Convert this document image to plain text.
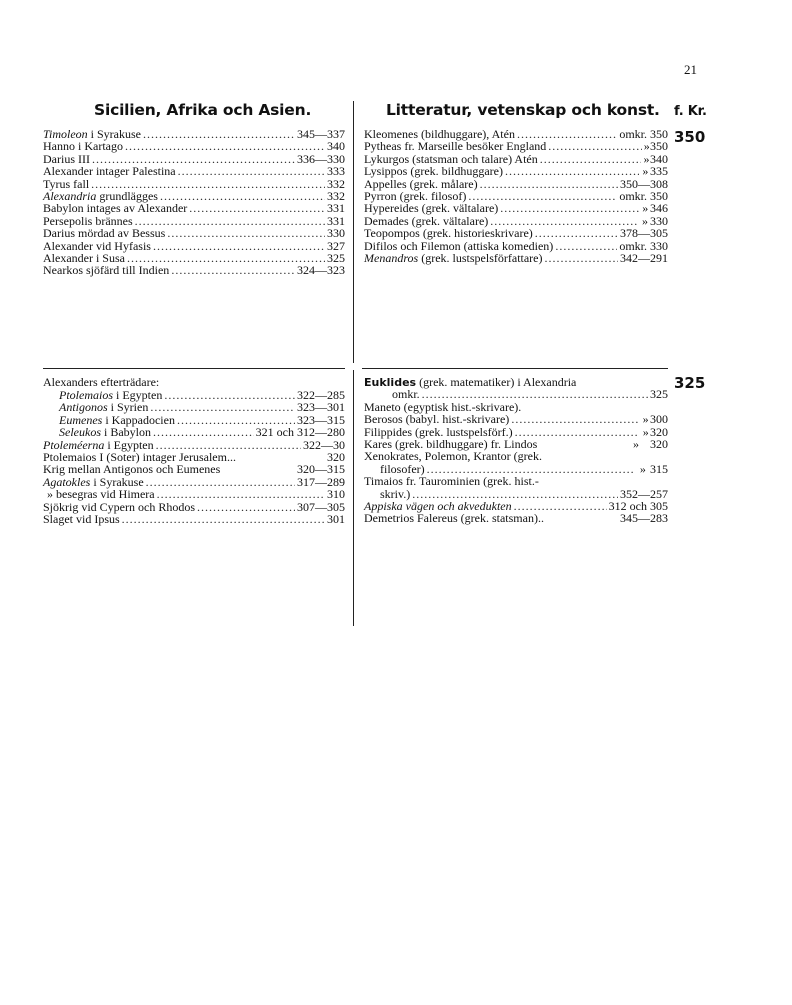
21
Sicilien, Afrika och Asien.	Litteratur, vetenskap och konst. f. Kr.
350
325
Timoleon i Syrakuse .....	345—337
Hanno i Kartago .....	340
Darius III .....	336—330
Alexander intager Palestina .....	333
Tyrus fall .....	332
Alexandria grundlägges .....	332
Babylon intages av Alexander .....	331
Persepolis brännes .....	331
Darius mördad av Bessus .....	330
Alexander vid Hyfasis .....	327
Alexander i Susa .....	325
Nearkos sjöfärd till Indien .....	324—323
Kleomenes (bildhuggare), Atén .....	omkr. 350
Pytheas fr. Marseille besöker England .....	» 350
Lykurgos (statsman och talare) Atén .....	» 340
Lysippos (grek. bildhuggare) .....	» 335
Appelles (grek. målare) .....	350—308
Pyrron (grek. filosof) .....	omkr. 350
Hypereides (grek. vältalare) .....	» 346
Demades (grek. vältalare) .....	» 330
Teopompos (grek. historieskrivare) .....	378—305
Difilos och Filemon (attiska komedien) .....	omkr. 330
Menandros (grek. lustspelsförfattare) .....	342—291
Alexanders efterträdare:
Ptolemaios i Egypten .....	322—285
Antigonos i Syrien .....	323—301
Eumenes i Kappadocien .....	323—315
Seleukos i Babylon .....	321 och 312—280
Ptoleméerna i Egypten .....	322—30
Ptolemaios I (Soter) intager Jerusalem...	320
Krig mellan Antigonos och Eumenes	320—315
Agatokles i Syrakuse .....	317—289
» besegras vid Himera .....	310
Sjökrig vid Cypern och Rhodos .....	307—305
Slaget vid Ipsus .....	301
Euklides (grek. matematiker) i Alexandria
omkr. .....	325
Maneto (egyptisk hist.-skrivare).
Berosos (babyl. hist.-skrivare) .....	» 300
Filippides (grek. lustspelsförf.) .....	» 320
Kares (grek. bildhuggare) fr. Lindos	» 320
Xenokrates, Polemon, Krantor (grek.
filosofer) .....	» 315
Timaios fr. Taurominien (grek. hist.-
skriv.) .....	352—257
Appiska vägen och akvedukten .....	312 och 305
Demetrios Falereus (grek. statsman)..	345—283
